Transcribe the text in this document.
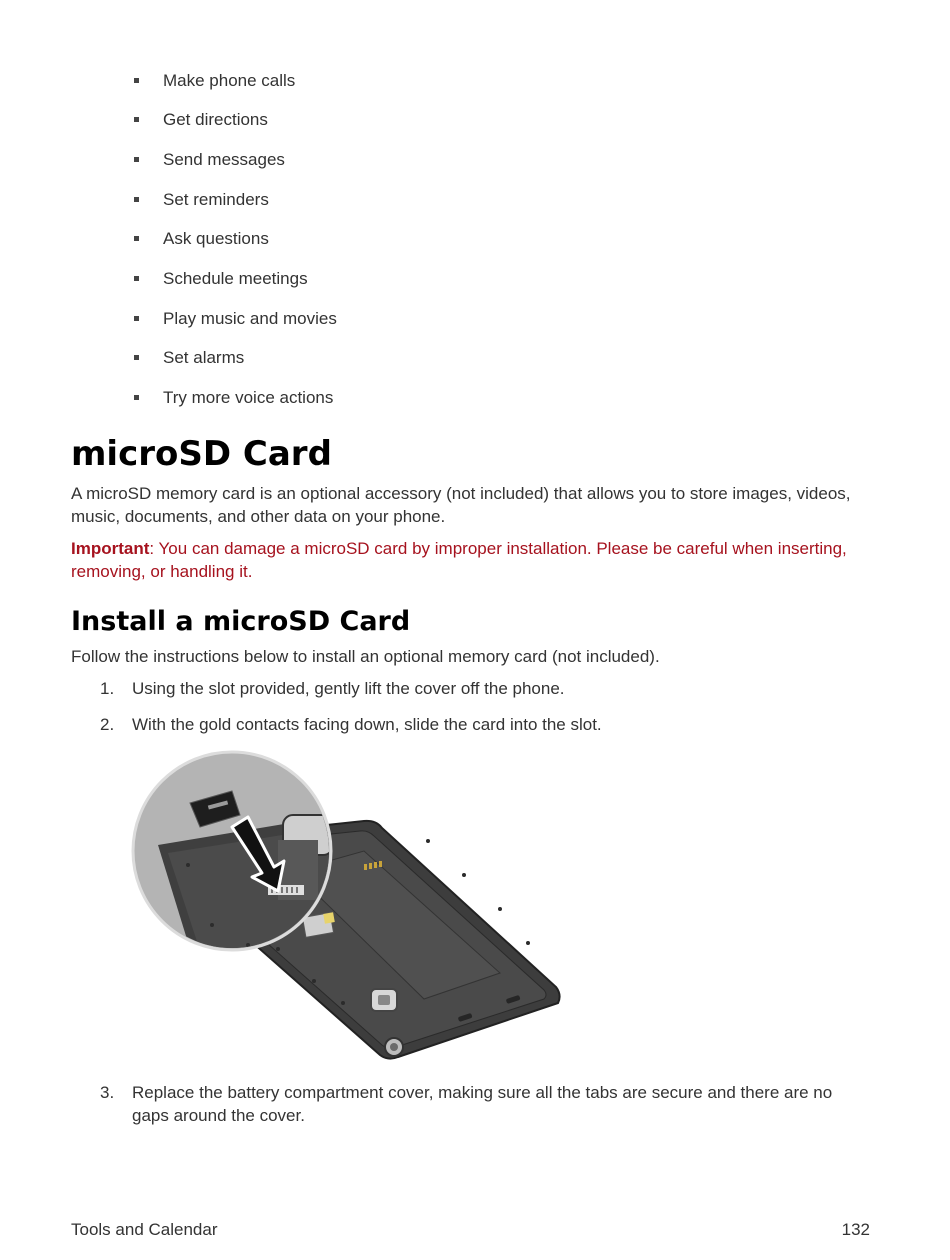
Make phone calls
Get directions
Send messages
Set reminders
Ask questions
Schedule meetings
Play music and movies
Set alarms
Try more voice actions
microSD Card

A microSD memory card is an optional accessory (not included) that allows you to store images, videos, music, documents, and other data on your phone.

Important: You can damage a microSD card by improper installation. Please be careful when inserting, removing, or handling it.

Install a microSD Card

Follow the instructions below to install an optional memory card (not included).

1. Using the slot provided, gently lift the cover off the phone.
2. With the gold contacts facing down, slide the card into the slot.
3. Replace the battery compartment cover, making sure all the tabs are secure and there are no gaps around the cover.
Tools and Calendar	132
